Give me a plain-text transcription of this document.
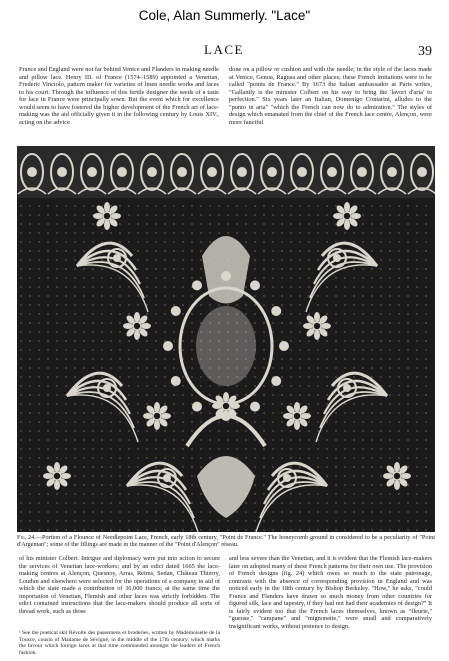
Cole, Alan Summerly. "Lace"
LACE	39

France and England were not far behind Venice and Flanders in making needle and pillow lace. Henry III. of France (1574–1589) appointed a Venetian, Frederic Vinciolo, pattern maker for varieties of linen needle works and laces to his court. Through the influence of this fertile designer the seeds of a taste for lace in France were principally sown. But the event which for excellence would seem to have fostered the higher development of the French art of lace-making was the aid officially given it in the following century by Louis XIV., acting on the advice

done on a pillow or cushion and with the needle; in the style of the laces made at Venice, Genoa, Ragusa and other places; these French imitations were to be called "points de France." By 1673 the Italian ambassador at Paris writes, "Gallantly is the minister Colbert on his way to bring the 'lavori d'aria' to perfection." Six years later an Italian, Domenigo Contarini, alludes to the "punto in aria" "which the French can now do to admiration." The styles of design which emanated from the chief of the French lace centre, Alençon, were more fanciful

Fig. 24.—Portion of a Flounce of Needlepoint Lace, French, early 18th century, "Point de France." The honeycomb ground in considered to be a peculiarity of "Point d'Argentan"; some of the fillings are made in the manner of the "Point d'Alençon" réseau.

of his minister Colbert. Intrigue and diplomacy were put into action to secure the services of Venetian lace-workers; and by an edict dated 1665 the lace-making centres at Alençon, Quesnoy, Arras, Reims, Sedan, Château Thierry, Loudun and elsewhere were selected for the operations of a company in aid of which the state made a contribution of 36,000 francs; at the same time the importation of Venetian, Flemish and other laces was strictly forbidden. The edict contained instructions that the lace-makers should produce all sorts of thread work, such as those

and less severe than the Venetian, and it is evident that the Flemish lace-makers later on adopted many of these French patterns for their own use. The provision of French designs (fig. 24) which owes so much to the state patronage, contrasts with the absence of corresponding provision in England and was noticed early in the 18th century by Bishop Berkeley. "How," he asks, "could France and Flanders have drawn so much money from other countries for figured silk, lace and tapestry, if they had not had their academies of design?" It is fairly evident too that the French laces themselves, known as "fleurie," "gueuse," "campane" and "mignonette," were small and comparatively insignificant works, without pretence to design.

¹ See the poetical skit Révolte des passemens et broderies, written by Mademoiselle de la Tousce, cousin of Madame de Sévigné, in the middle of the 17th century, which marks the favour which foreign laces at that time commanded amongst the leaders of French fashion.
